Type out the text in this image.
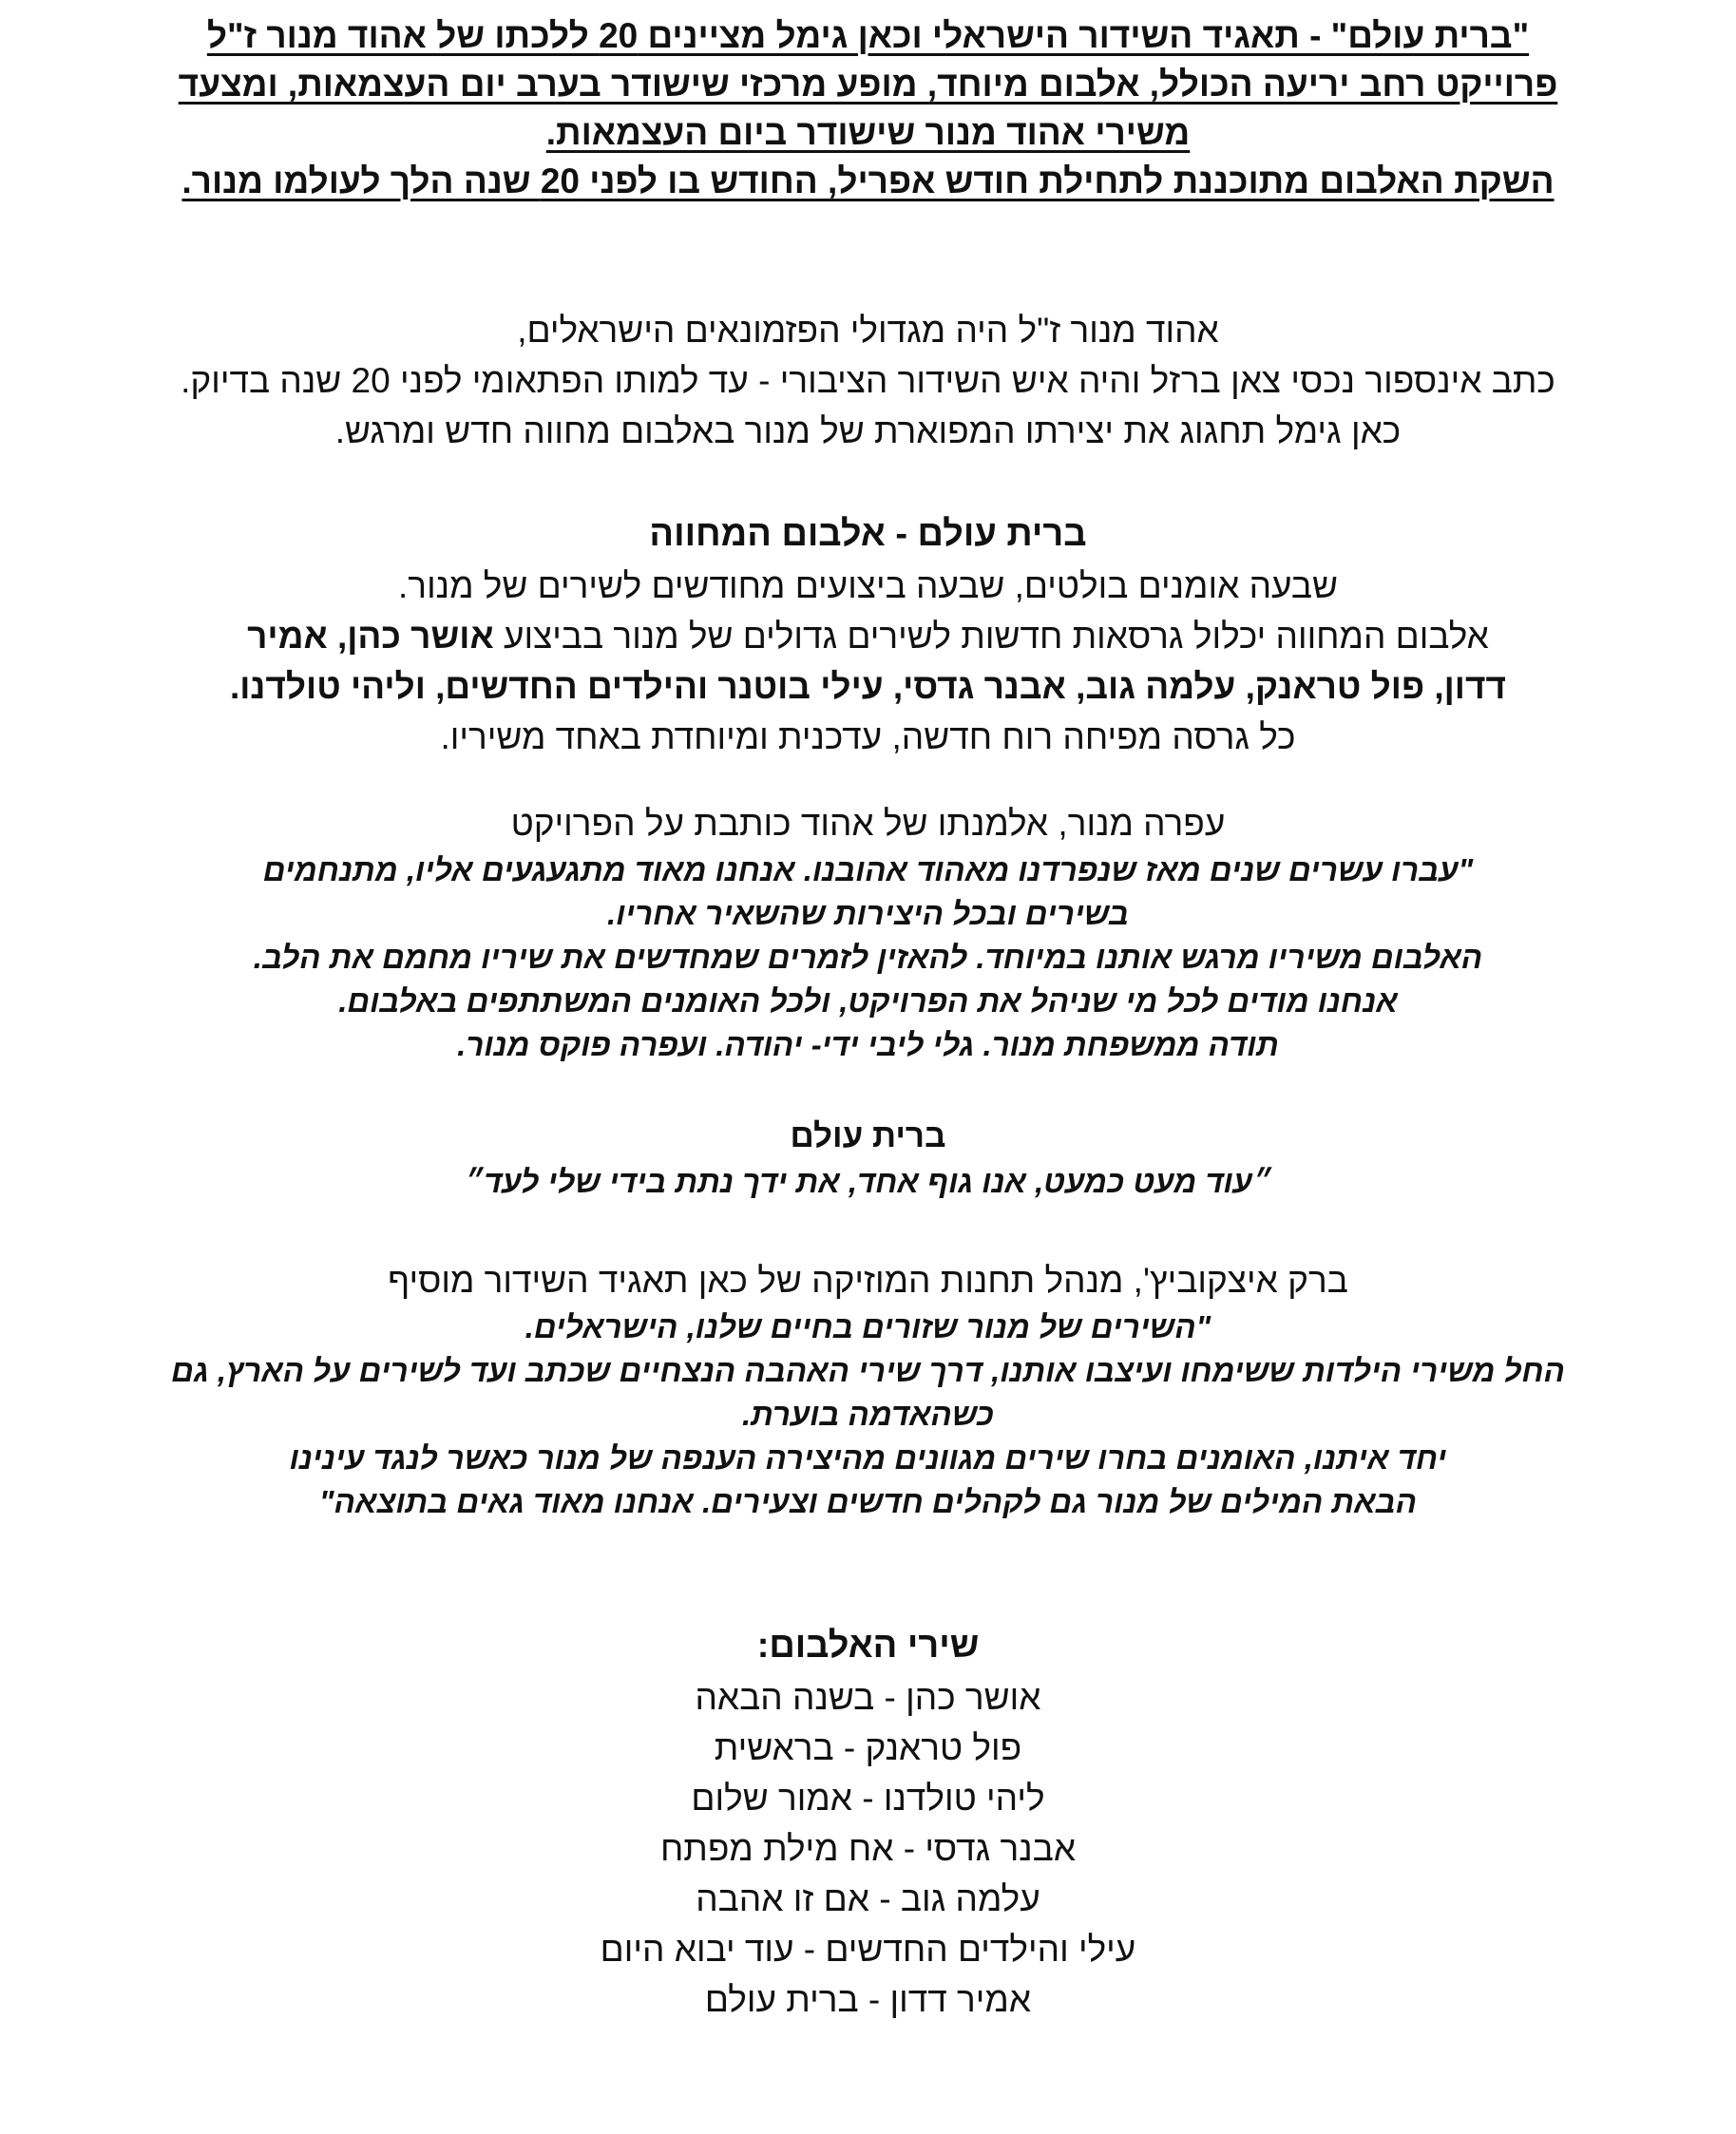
"ברית עולם" - תאגיד השידור הישראלי וכאן גימל מציינים 20 ללכתו של אהוד מנור ז"ל

פרוייקט רחב יריעה הכולל, אלבום מיוחד, מופע מרכזי שישודר בערב יום העצמאות, ומצעד

משירי אהוד מנור שישודר ביום העצמאות.

השקת האלבום מתוכננת לתחילת חודש אפריל, החודש בו לפני 20 שנה הלך לעולמו מנור.

אהוד מנור ז"ל היה מגדולי הפזמונאים הישראלים,

כתב אינספור נכסי צאן ברזל והיה איש השידור הציבורי - עד למותו הפתאומי לפני 20 שנה בדיוק.

כאן גימל תחגוג את יצירתו המפוארת של מנור באלבום מחווה חדש ומרגש.

ברית עולם - אלבום המחווה

שבעה אומנים בולטים, שבעה ביצועים מחודשים לשירים של מנור.

אלבום המחווה יכלול גרסאות חדשות לשירים גדולים של מנור בביצוע אושר כהן, אמיר

דדון, פול טראנק, עלמה גוב, אבנר גדסי, עילי בוטנר והילדים החדשים, וליהי טולדנו.

כל גרסה מפיחה רוח חדשה, עדכנית ומיוחדת באחד משיריו.

עפרה מנור, אלמנתו של אהוד כותבת על הפרויקט

"עברו עשרים שנים מאז שנפרדנו מאהוד אהובנו. אנחנו מאוד מתגעגעים אליו, מתנחמים

בשירים ובכל היצירות שהשאיר אחריו.

האלבום משיריו מרגש אותנו במיוחד. להאזין לזמרים שמחדשים את שיריו מחמם את הלב.

אנחנו מודים לכל מי שניהל את הפרויקט, ולכל האומנים המשתתפים באלבום.

תודה ממשפחת מנור. גלי ליבי ידי- יהודה. ועפרה פוקס מנור.

ברית עולם

״עוד מעט כמעט, אנו גוף אחד, את ידך נתת בידי שלי לעד״

ברק איצקוביץ', מנהל תחנות המוזיקה של כאן תאגיד השידור מוסיף

"השירים של מנור שזורים בחיים שלנו, הישראלים.

החל משירי הילדות ששימחו ועיצבו אותנו, דרך שירי האהבה הנצחיים שכתב ועד לשירים על הארץ, גם

כשהאדמה בוערת.

יחד איתנו, האומנים בחרו שירים מגוונים מהיצירה הענפה של מנור כאשר לנגד עינינו

הבאת המילים של מנור גם לקהלים חדשים וצעירים. אנחנו מאוד גאים בתוצאה"

שירי האלבום:

אושר כהן - בשנה הבאה

פול טראנק - בראשית

ליהי טולדנו - אמור שלום

אבנר גדסי - אח מילת מפתח

עלמה גוב - אם זו אהבה

עילי והילדים החדשים - עוד יבוא היום

אמיר דדון - ברית עולם
